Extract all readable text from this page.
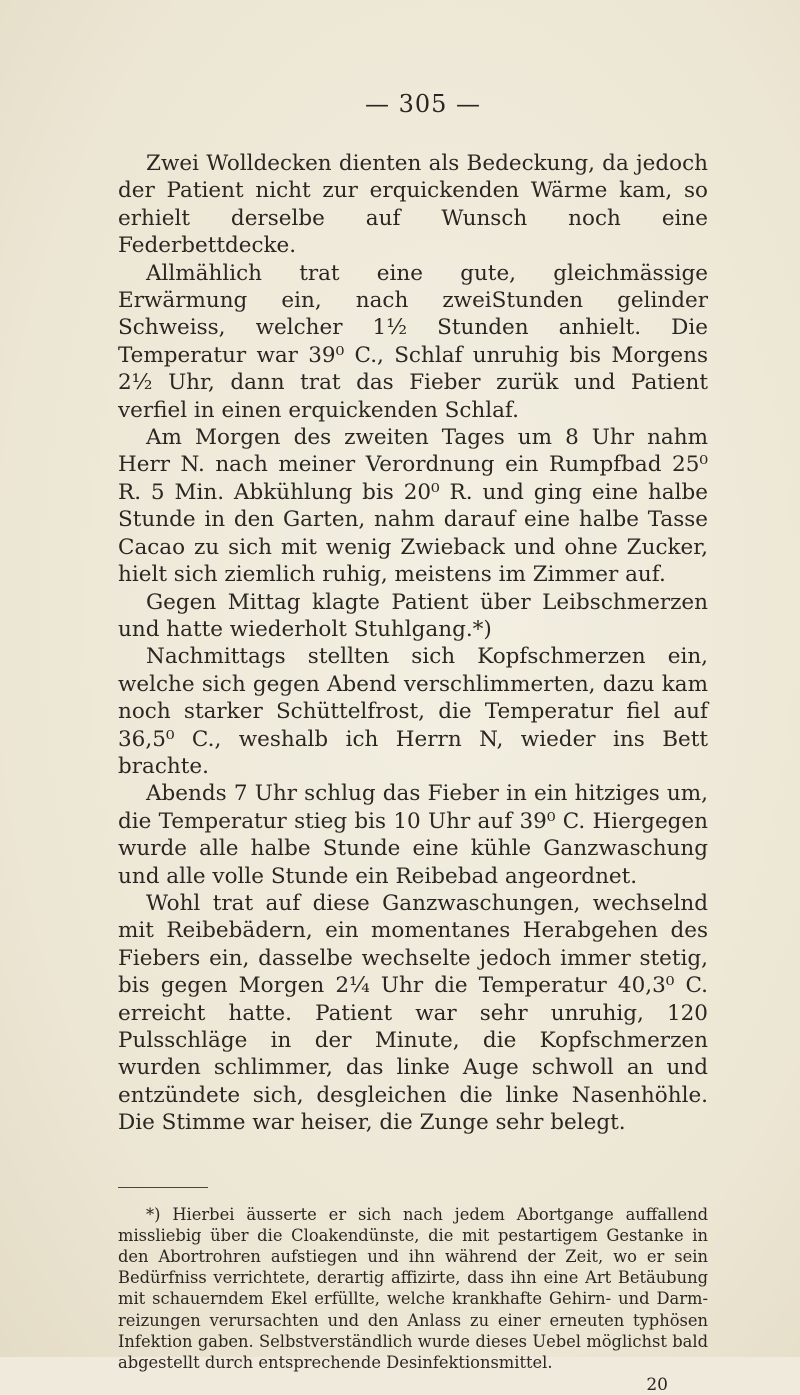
— 305 —

Zwei Wolldecken dienten als Bedeckung, da jedoch der Patient nicht zur erquickenden Wärme kam, so erhielt derselbe auf Wunsch noch eine Federbettdecke.

Allmählich trat eine gute, gleichmässige Erwärmung ein, nach zweiStunden gelinder Schweiss, welcher 1½ Stunden anhielt. Die Temperatur war 39⁰ C., Schlaf unruhig bis Morgens 2½ Uhr, dann trat das Fieber zurük und Patient verfiel in einen erquickenden Schlaf.

Am Morgen des zweiten Tages um 8 Uhr nahm Herr N. nach meiner Verordnung ein Rumpfbad 25⁰ R. 5 Min. Abkühlung bis 20⁰ R. und ging eine halbe Stunde in den Garten, nahm darauf eine halbe Tasse Cacao zu sich mit wenig Zwieback und ohne Zucker, hielt sich ziemlich ruhig, meistens im Zimmer auf.

Gegen Mittag klagte Patient über Leibschmerzen und hatte wiederholt Stuhlgang.*)

Nachmittags stellten sich Kopfschmerzen ein, welche sich gegen Abend verschlimmerten, dazu kam noch starker Schüttelfrost, die Temperatur fiel auf 36,5⁰ C., weshalb ich Herrn N, wieder ins Bett brachte.

Abends 7 Uhr schlug das Fieber in ein hitziges um, die Temperatur stieg bis 10 Uhr auf 39⁰ C. Hiergegen wurde alle halbe Stunde eine kühle Ganzwaschung und alle volle Stunde ein Reibebad angeordnet.

Wohl trat auf diese Ganzwaschungen, wechselnd mit Reibebädern, ein momentanes Herabgehen des Fiebers ein, dasselbe wechselte jedoch immer stetig, bis gegen Morgen 2¼ Uhr die Temperatur 40,3⁰ C. erreicht hatte. Patient war sehr unruhig, 120 Pulsschläge in der Minute, die Kopfschmerzen wurden schlimmer, das linke Auge schwoll an und entzündete sich, desgleichen die linke Nasenhöhle. Die Stimme war heiser, die Zunge sehr belegt.

*) Hierbei äusserte er sich nach jedem Abortgange auffallend missliebig über die Cloakendünste, die mit pestartigem Gestanke in den Abortrohren aufstiegen und ihn während der Zeit, wo er sein Bedürfniss verrichtete, derartig affizirte, dass ihn eine Art Betäubung mit schauerndem Ekel erfüllte, welche krankhafte Gehirn- und Darm-reizungen verursachten und den Anlass zu einer erneuten typhösen Infektion gaben. Selbstverständlich wurde dieses Uebel möglichst bald abgestellt durch entsprechende Desinfektionsmittel.

20
